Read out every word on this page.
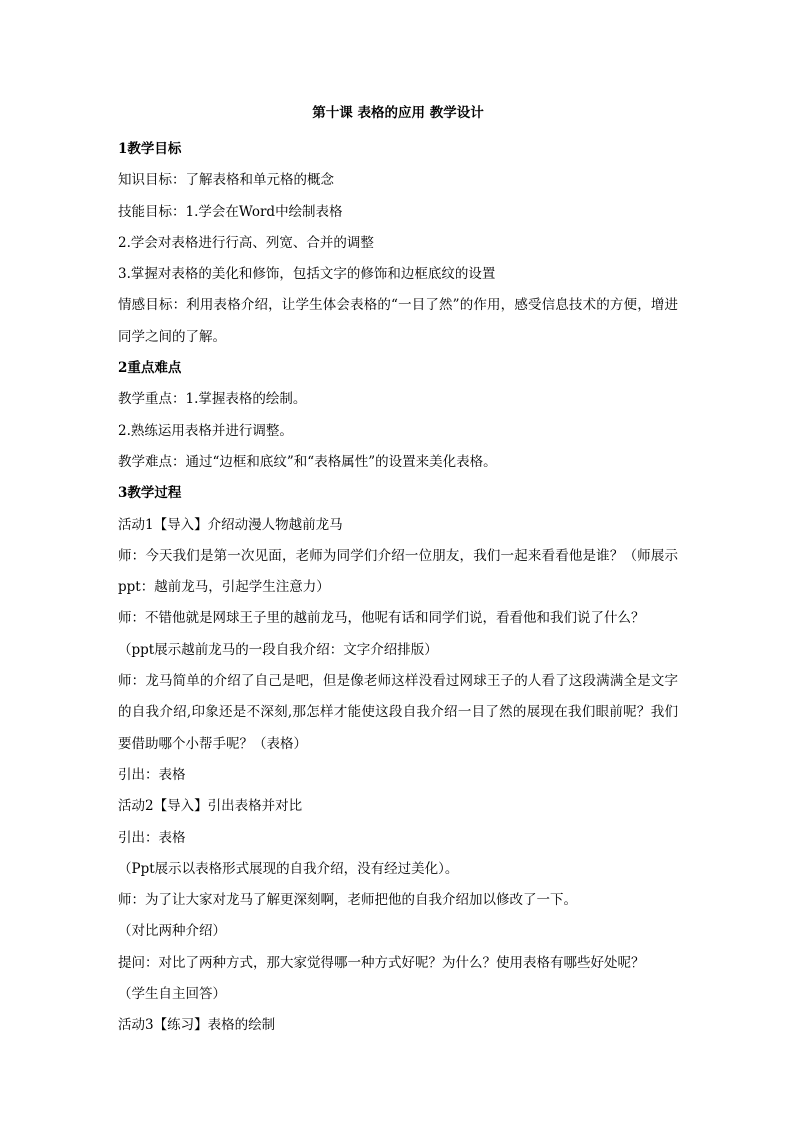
第十课 表格的应用 教学设计

1教学目标

知识目标：了解表格和单元格的概念

技能目标：1.学会在Word中绘制表格

2.学会对表格进行行高、列宽、合并的调整

3.掌握对表格的美化和修饰，包括文字的修饰和边框底纹的设置

情感目标：利用表格介绍，让学生体会表格的“一目了然”的作用，感受信息技术的方便，增进同学之间的了解。

2重点难点

教学重点：1.掌握表格的绘制。

2.熟练运用表格并进行调整。

教学难点：通过“边框和底纹”和“表格属性”的设置来美化表格。

3教学过程

活动1【导入】介绍动漫人物越前龙马

师：今天我们是第一次见面，老师为同学们介绍一位朋友，我们一起来看看他是谁？（师展示ppt：越前龙马，引起学生注意力）

师：不错他就是网球王子里的越前龙马，他呢有话和同学们说，看看他和我们说了什么？

（ppt展示越前龙马的一段自我介绍：文字介绍排版）

师：龙马简单的介绍了自己是吧，但是像老师这样没看过网球王子的人看了这段满满全是文字的自我介绍,印象还是不深刻,那怎样才能使这段自我介绍一目了然的展现在我们眼前呢？我们要借助哪个小帮手呢？（表格）

引出：表格

活动2【导入】引出表格并对比

引出：表格

（Ppt展示以表格形式展现的自我介绍，没有经过美化）。

师：为了让大家对龙马了解更深刻啊，老师把他的自我介绍加以修改了一下。

（对比两种介绍）

提问：对比了两种方式，那大家觉得哪一种方式好呢？为什么？使用表格有哪些好处呢？

（学生自主回答）

活动3【练习】表格的绘制
